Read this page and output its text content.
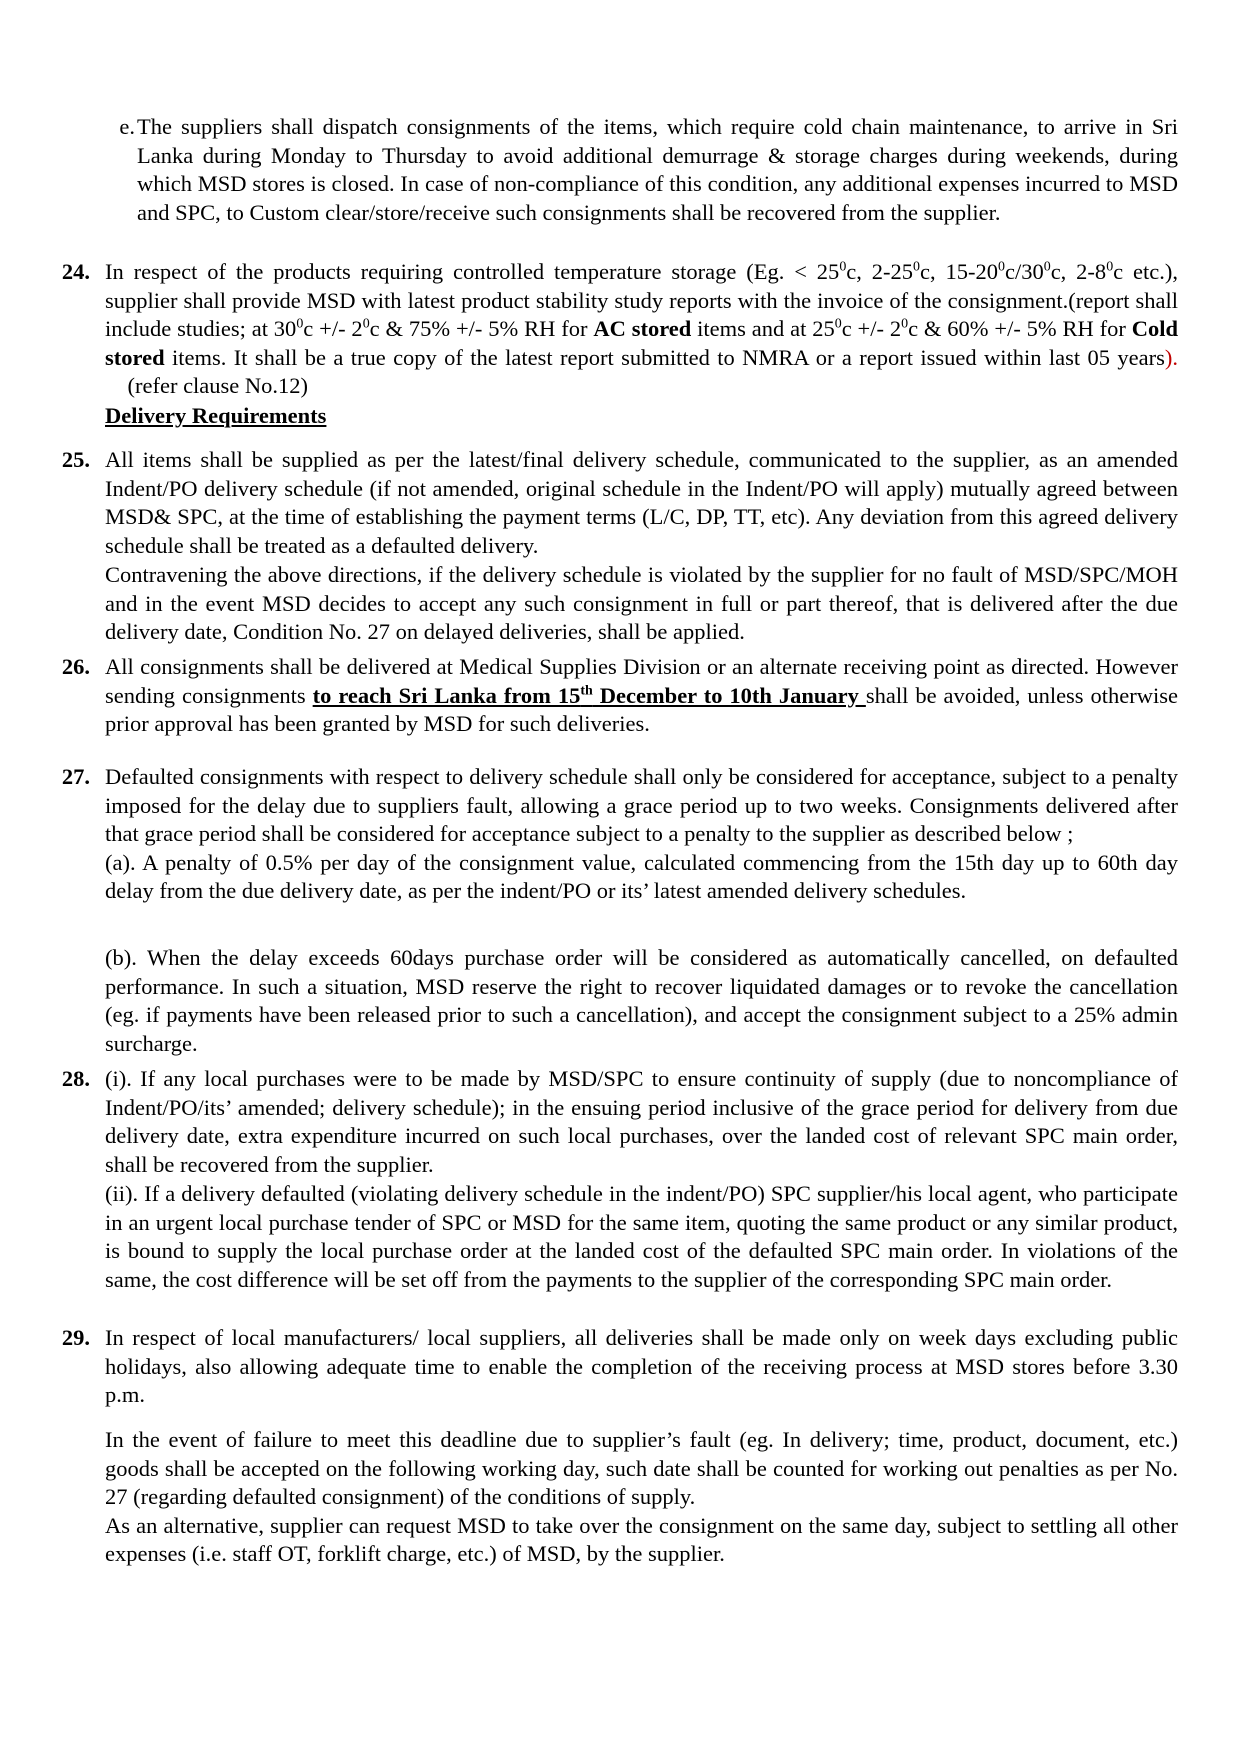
e. The suppliers shall dispatch consignments of the items, which require cold chain maintenance, to arrive in Sri Lanka during Monday to Thursday to avoid additional demurrage & storage charges during weekends, during which MSD stores is closed. In case of non-compliance of this condition, any additional expenses incurred to MSD and SPC, to Custom clear/store/receive such consignments shall be recovered from the supplier.

24. In respect of the products requiring controlled temperature storage (Eg. < $25^0c$, $2-25^0c$, $15-20^0c/30^0c$, $2-8^0c$ etc.), supplier shall provide MSD with latest product stability study reports with the invoice of the consignment.(report shall include studies; at $30^0c$ +/- $2^0c$ & 75% +/- 5% RH for AC stored items and at $25^0c$ +/- $2^0c$ & 60% +/- 5% RH for Cold stored items. It shall be a true copy of the latest report submitted to NMRA or a report issued within last 05 years).    (refer clause No.12)

Delivery Requirements
25. All items shall be supplied as per the latest/final delivery schedule, communicated to the supplier, as an amended Indent/PO delivery schedule (if not amended, original schedule in the Indent/PO will apply) mutually agreed between MSD& SPC, at the time of establishing the payment terms (L/C, DP, TT, etc). Any deviation from this agreed delivery schedule shall be treated as a defaulted delivery.

Contravening the above directions, if the delivery schedule is violated by the supplier for no fault of MSD/SPC/MOH and in the event MSD decides to accept any such consignment in full or part thereof, that is delivered after the due delivery date, Condition No. 27 on delayed deliveries, shall be applied.

26. All consignments shall be delivered at Medical Supplies Division or an alternate receiving point as directed. However sending consignments to reach Sri Lanka from 15th December to 10th January shall be avoided, unless otherwise prior approval has been granted by MSD for such deliveries.

27. Defaulted consignments with respect to delivery schedule shall only be considered for acceptance, subject to a penalty imposed for the delay due to suppliers fault, allowing a grace period up to two weeks. Consignments delivered after that grace period shall be considered for acceptance subject to a penalty to the supplier as described below ;

(a). A penalty of 0.5% per day of the consignment value, calculated commencing from the 15th day up to 60th day delay from the due delivery date, as per the indent/PO or its’ latest amended delivery schedules.

(b). When the delay exceeds 60days purchase order will be considered as automatically cancelled, on defaulted performance. In such a situation, MSD reserve the right to recover liquidated damages or to revoke the cancellation (eg. if payments have been released prior to such a cancellation), and accept the consignment subject to a 25% admin surcharge.

28. (i). If any local purchases were to be made by MSD/SPC to ensure continuity of supply (due to noncompliance of Indent/PO/its’ amended; delivery schedule); in the ensuing period inclusive of the grace period for delivery from due delivery date, extra expenditure incurred on such local purchases, over the landed cost of relevant SPC main order, shall be recovered from the supplier.

(ii). If a delivery defaulted (violating delivery schedule in the indent/PO) SPC supplier/his local agent, who participate in an urgent local purchase tender of SPC or MSD for the same item, quoting the same product or any similar product, is bound to supply the local purchase order at the landed cost of the defaulted SPC main order. In violations of the same, the cost difference will be set off from the payments to the supplier of the corresponding SPC main order.

29. In respect of local manufacturers/ local suppliers, all deliveries shall be made only on week days excluding public holidays, also allowing adequate time to enable the completion of the receiving process at MSD stores before 3.30 p.m.

In the event of failure to meet this deadline due to supplier’s fault (eg. In delivery; time, product, document, etc.) goods shall be accepted on the following working day, such date shall be counted for working out penalties as per No. 27 (regarding defaulted consignment) of the conditions of supply.

As an alternative, supplier can request MSD to take over the consignment on the same day, subject to settling all other expenses (i.e. staff OT, forklift charge, etc.) of MSD, by the supplier.
